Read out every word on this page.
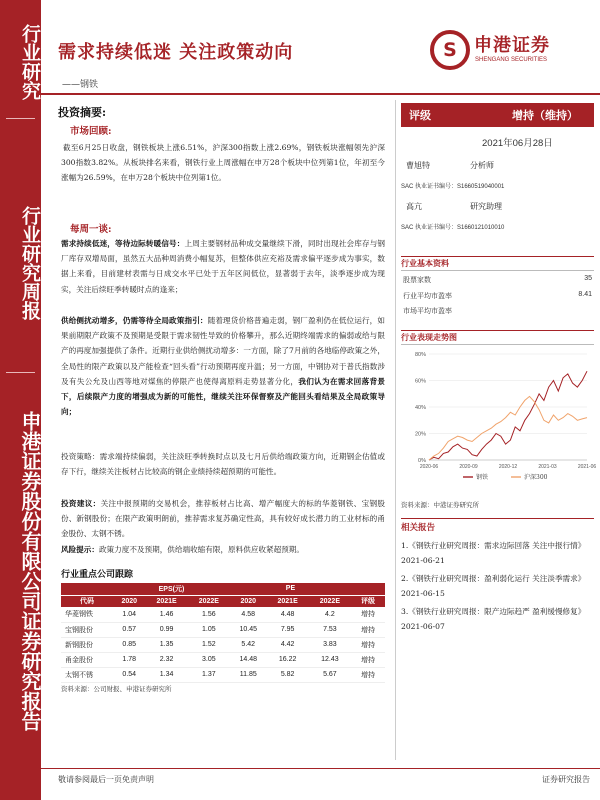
行业研究
行业研究周报
申港证券股份有限公司证券研究报告
需求持续低迷 关注政策动向
——钢铁
S 申港证券
SHENGANG SECURITIES
投资摘要:
市场回顾:
截至6月25日收盘，钢铁板块上涨6.51%，沪深300指数上涨2.69%，钢铁板块涨幅领先沪深300指数3.82%。从板块排名来看，钢铁行业上周涨幅在申万28个板块中位列第1位，年初至今涨幅为26.59%，在申万28个板块中位列第1位。
每周一谈:
需求持续低迷，等待边际转暖信号：上周主要钢材品种成交量继续下滑，同时出现社会库存与钢厂库存双增局面，虽然五大品种周消费小幅复苏，但整体供应充裕及需求偏平逐步成为事实，数据上来看，目前建材表需与日成交水平已处于五年区间低位，显著弱于去年，淡季逐步成为现实，关注后续旺季转暖时点的逢来；
供给侧扰动增多，仍需等待全局政策指引：随着理货价格普遍走弱，钢厂盈利仍在低位运行，如果前期限产政策不及预期是受限于需求韧性导致的价格攀升，那么近期终端需求的偏弱或给与限产的再度加强提供了条件。近期行业供给侧扰动增多：一方面，除了7月前的各地临停政策之外，全局性的限产政策以及产能检查“回头看”行动预期再度升温；另一方面，中钢协对于普氏指数涉及有失公允及山西等地对煤焦的停限产也使得离原料走势显著分化，我们认为在需求回落背景下，后续限产力度的增强成为新的可能性，继续关注环保督察及产能回头看结果及全局政策导向；
投资策略：需求端持续偏弱，关注淡旺季转换时点以及七月后供给端政策方向，近期钢企估值或存下行，继续关注板材占比较高的钢企业绩持续超预期的可能性。
投资建议：关注中报预期的交易机会，推荐板材占比高、增产幅度大的标的华菱钢铁、宝钢股份、新钢股份；在限产政策明朗前，推荐需求复苏确定性高，具有较好成长潜力的工业材标的甬金股份、太钢不锈。
风险提示：政策力度不及预期，供给端收缩有限，原料供应收紧超预期。
行业重点公司跟踪
	EPS(元)			PE			
代码	2020	2021E	2022E	2020	2021E	2022E	评级
华菱钢铁	1.04	1.46	1.56	4.58	4.48	4.2	增持
宝钢股份	0.57	0.99	1.05	10.45	7.95	7.53	增持
新钢股份	0.85	1.35	1.52	5.42	4.42	3.83	增持
甬金股份	1.78	2.32	3.05	14.48	16.22	12.43	增持
太钢不锈	0.54	1.34	1.37	11.85	5.82	5.67	增持
资料来源：公司财报、申港证券研究所
评级	增持（维持）
2021年06月28日
曹旭特	分析师
SAC 执业证书编号：S1660519040001
高亢	研究助理
SAC 执业证书编号：S1660121010010
行业基本资料
股票家数	35
行业平均市盈率	8.41
市场平均市盈率
行业表现走势图
2020-06	2020-09	2020-12	2021-03	2021-06
0%
20%
40%
60%
80%
钢铁	沪深300
资料来源：中港证券研究所
相关报告
1.《钢铁行业研究周报：需求边际回落 关注中报行情》2021-06-21
2.《钢铁行业研究周报：盈利弱化运行 关注淡季需求》2021-06-15
3.《钢铁行业研究周报：限产边际趋严 盈利缓慢修复》2021-06-07
敬请参阅最后一页免责声明	证券研究报告
